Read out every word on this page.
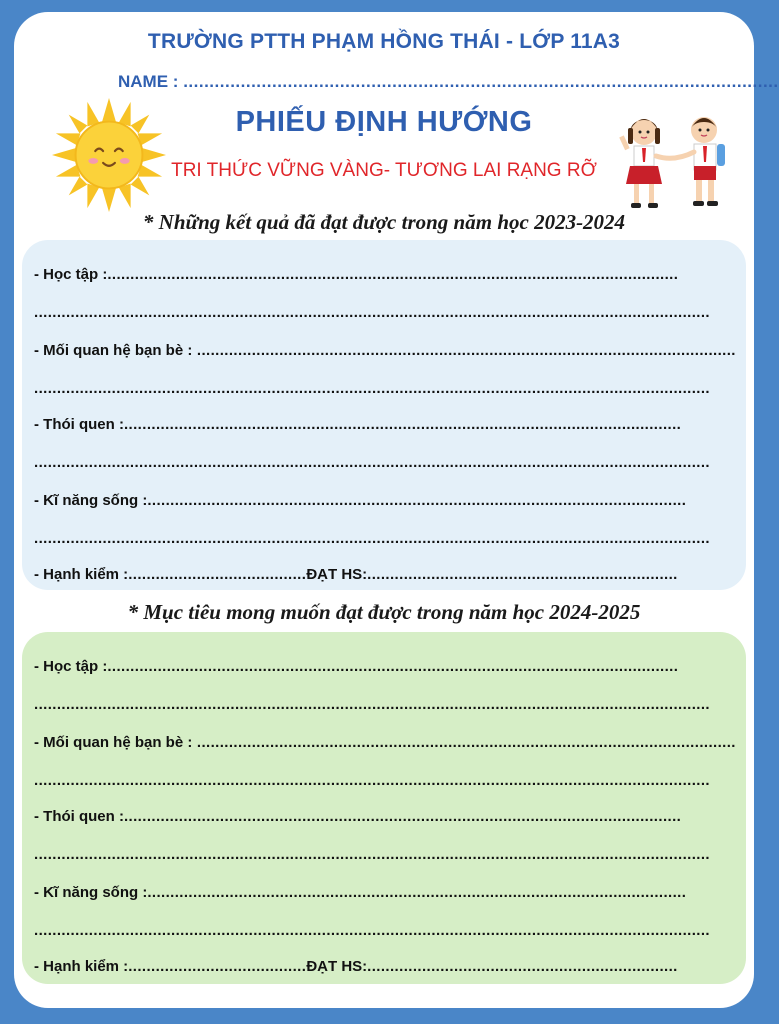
TRƯỜNG PTTH PHẠM HỒNG THÁI - LỚP 11A3
NAME : ..................................................................................................................
PHIẾU ĐỊNH HƯỚNG
TRI THỨC VỮNG VÀNG- TƯƠNG LAI RẠNG RỠ
* Những kết quả đã đạt được trong năm học 2023-2024
- Học tập :.............................................................................................................................
....................................................................................................................................................
- Mối quan hệ bạn bè : ......................................................................................................................
....................................................................................................................................................
- Thói quen :..........................................................................................................................
....................................................................................................................................................
- Kĩ năng sống :......................................................................................................................
....................................................................................................................................................
- Hạnh kiểm :.......................................ĐẠT HS:....................................................................
* Mục tiêu mong muốn đạt được trong năm học 2024-2025
- Học tập :.............................................................................................................................
....................................................................................................................................................
- Mối quan hệ bạn bè : ......................................................................................................................
....................................................................................................................................................
- Thói quen :..........................................................................................................................
....................................................................................................................................................
- Kĩ năng sống :......................................................................................................................
....................................................................................................................................................
- Hạnh kiểm :.......................................ĐẠT HS:....................................................................
